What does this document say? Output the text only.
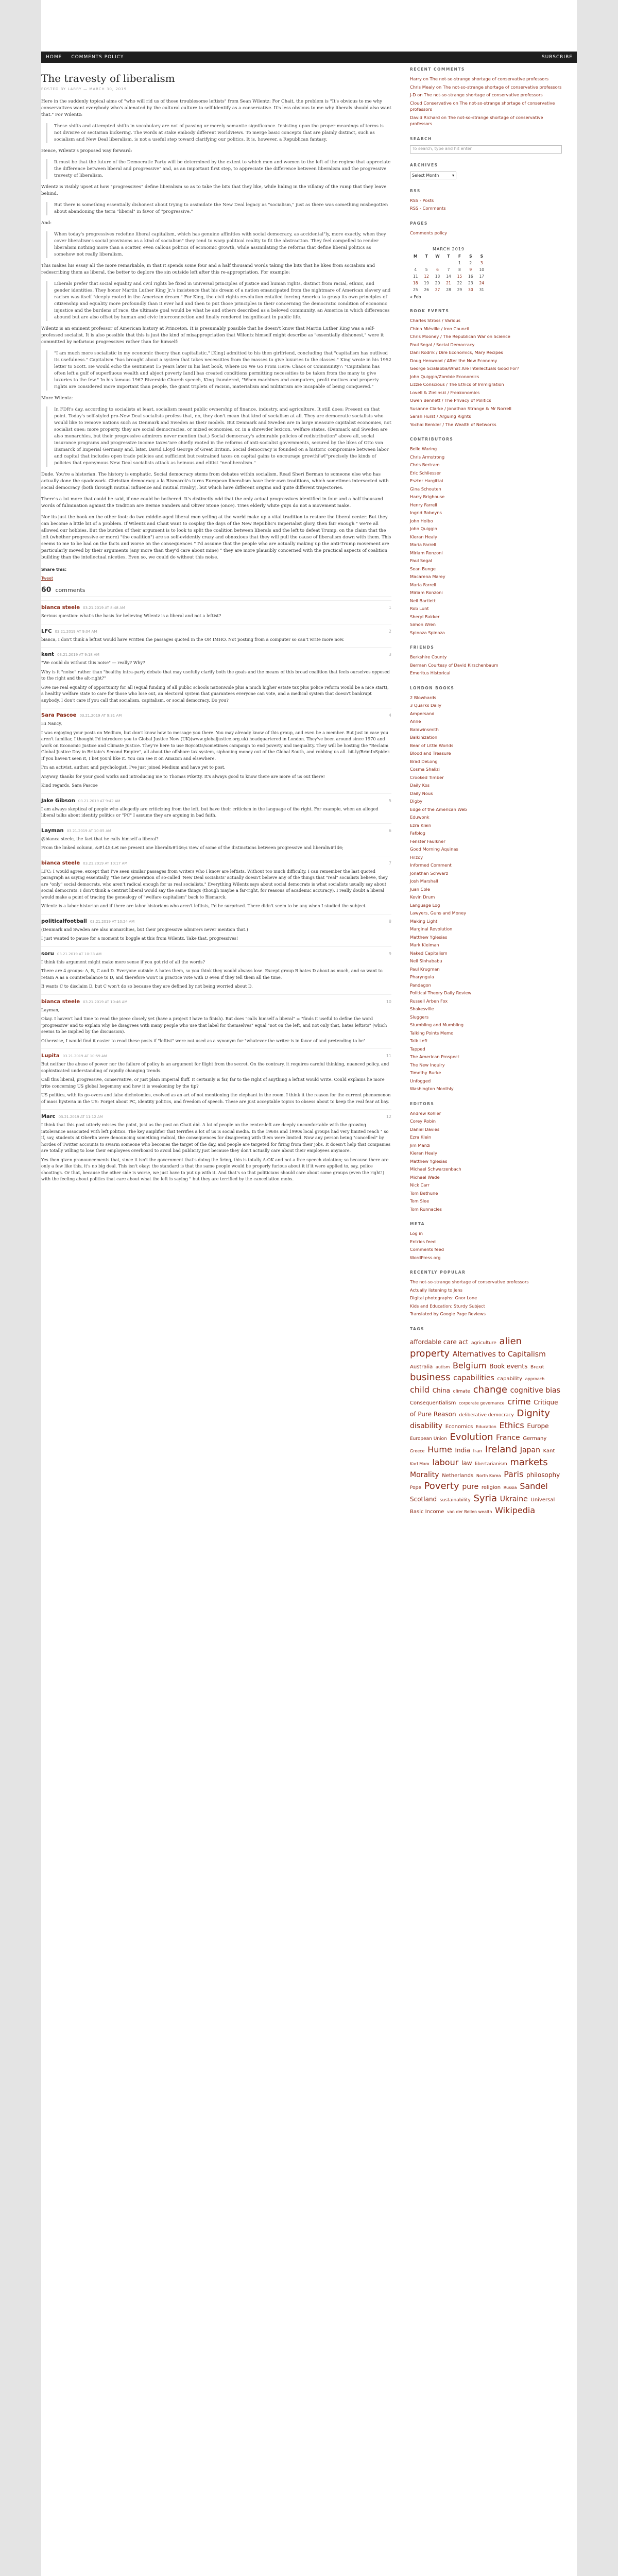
HOME	COMMENTS POLICY	SUBSCRIBE
The travesty of liberalism
POSTED BY LARRY — MARCH 30, 2019

Here in the suddenly topical aims of "who will rid us of those troublesome leftists" from Sean Wilentz: For Chait, the problem is "It's obvious to me why conservatives want everybody who's alienated by the cultural culture to self-identify as a conservative. It's less obvious to me why liberals should also want that." For Wilentz:

These shifts and attempted shifts in vocabulary are not of passing or merely semantic significance. Insisting upon the proper meanings of terms is not divisive or sectarian bickering. The words at stake embody different worldviews. To merge basic concepts that are plainly distinct, such as socialism and New Deal liberalism, is not a useful step toward clarifying our politics. It is, however, a Republican fantasy.

Hence, Wilentz's proposed way forward:

It must be that the future of the Democratic Party will be determined by the extent to which men and women to the left of the regime that appreciate the difference between liberal and progressive" and, as an important first step, to appreciate the difference between liberalism and the progressive travesty of liberalism.

Wilentz is visibly upset at how "progressives" define liberalism so as to take the bits that they like, while hiding in the villainy of the rump that they leave behind.

But there is something essentially dishonest about trying to assimilate the New Deal legacy as "socialism," just as there was something misbegotten about abandoning the term "liberal" in favor of "progressive."

And:

When today's progressives redefine liberal capitalism, which has genuine affinities with social democracy, as accidental"ly, more exactly, when they cover liberalism's social provisions as a kind of socialism" they tend to warp political reality to fit the abstraction. They feel compelled to render liberalism nothing more than a scatter, even callous politics of economic growth, while assimilating the reforms that define liberal politics as somehow not really liberalism.

This makes his essay all the more remarkable, in that it spends some four and a half thousand words taking the bits that he likes from socialism and redescribing them as liberal, the better to deplore the sin outside left after this re-appropriation. For example:

Liberals prefer that social equality and civil rights be fixed in universal principles of justice and human rights, distinct from racial, ethnic, and gender identities. They honor Martin Luther King Jr.'s insistence that his dream of a nation emancipated from the nightmare of American slavery and racism was itself "deeply rooted in the American dream." For King, the civil rights revolution entailed forcing America to grasp its own principles of citizenship and equality more profoundly than it ever had and then to put those principles in their concerning the democratic condition of economic injustice and the burdens of race, the ultimate goal would be what he and others described as a beloved community, an America in which differences abound but are also offset by human and civic interconnection and finally rendered insignificant in public life.

Wilentz is an eminent professor of American history at Princeton. It is presumably possible that he doesn't know that Martin Luther King was a self-professed socialist. It is also possible that this is just the kind of misappropriation that Wilentz himself might describe as "essentially dishonest," were it committed by nefarious progressives rather than for himself:

"I am much more socialistic in my economic theory than capitalistic," [King] admitted to his then girlfriend, concluding that "capitalism has outlived its usefulness." Capitalism "has brought about a system that takes necessities from the masses to give luxuries to the classes." King wrote in his 1952 letter to Scott. He would echo the sentiment 15 years later in his last book, Where Do We Go From Here: Chaos or Community?: "Capitalism has often left a gulf of superfluous wealth and abject poverty [and] has created conditions permitting necessities to be taken from the many to give luxuries to the few." In his famous 1967 Riverside Church speech, King thundered, "When machines and computers, profit motives and property rights are considered more important than people, the giant triplets of racism, materialism and militarism are incapable of being conquered."

More Wilentz:

In FDR's day, according to socialists at least, socialism meant public ownership of finance, industry, and agriculture. It still does: Present on that point. Today's self-styled pro-New Deal socialists profess that, no, they don't mean that kind of socialism at all. They are democratic socialists who would like to remove nations such as Denmark and Sweden as their models. But Denmark and Sweden are in large measure capitalist economies, not socialist ones; more property, they are social democracies, or mixed economies, or, in a shrewder lexicon, welfare states. (Denmark and Sweden are also monarchies, but their progressive admirers never mention that.) Social democracy's admirable policies of redistribution" above all, social insurance programs and progressive income taxes"are chiefly rooted in the reforms of anti-socialist governments, secured by the likes of Otto von Bismarck of Imperial Germany and, later, David Lloyd George of Great Britain. Social democracy is founded on a historic compromise between labor and capital that includes open trade policies and sufficient but restrained taxes on capital gains to encourage growthi'a€"precisely the kinds of policies that eponymous New Deal socialists attack as heinous and elitist "neoliberalism."

Dude. You're a historian. The history is emphatic. Social democracy stems from debates within socialism. Read Sheri Berman to someone else who has actually done the spadework. Christian democracy a la Bismarck's turns European liberalism have their own traditions, which sometimes intersected with social democracy (both through mutual influence and mutual rivalry), but which have different origins and quite different trajectories.

There's a lot more that could be said, if one could be bothered. It's distinctly odd that the only actual progressives identified in four and a half thousand words of fulmination against the tradition are Bernie Sanders and Oliver Stone (once). Tries elderly white guys do not a movement make.

Nor its just the book on the other foot: do two middle-aged liberal men yelling at the world make up a vital tradition to restore the liberal center. But they can become a little bit of a problem. If Wilentz and Chait want to cosplay the days of the New Republic's imperialist glory, then fair enough " we're all allowed our hobbies. But the burden of their argument is to look to split the coalition between liberals and the left to defeat Trump, on the claim that the left (whether progressive or more) "the coalition") are so self-evidently crazy and obnoxious that they will pull the cause of liberalism down with them. This seems to me to be bad on the facts and worse on the consequences " I'd assume that the people who are actually making up the anti-Trump movement are particularly moved by their arguments (any more than they'd care about mine) " they are more plausibly concerned with the practical aspects of coalition building than the intellectual niceties. Even so, we could do without this noise.

Share this:
Tweet
60 comments
bianca steele 03.21.2019 AT 8:48 AM	1

Serious question: what's the basis for believing Wilentz is a liberal and not a leftist?

LFC 03.21.2019 AT 9:04 AM	2

bianca, I don't think a leftist would have written the passages quoted in the OP. IMHO. Not posting from a computer so can't write more now.

kent 03.21.2019 AT 9:18 AM	3

"We could do without this noise" — really? Why?

Why is it "noise" rather than "healthy intra-party debate that may usefully clarify both the goals and the means of this broad coalition that feels ourselves opposed to the right and the alt-right?"

Give me real equality of opportunity for all (equal funding of all public schools nationwide plus a much higher estate tax plus police reform would be a nice start), a healthy welfare state to care for those who lose out, an electoral system that guarantees everyone can vote, and a medical system that doesn't bankrupt anybody. I don't care if you call that socialism, capitalism, or social democracy. Do you?

Sara Pascoe 03.21.2019 AT 9:31 AM	4

Hi Nancy,

I was enjoying your posts on Medium, but don't know how to message you there. You may already know of this group, and even be a member. But just in case you aren't familiar, I thought I'd introduce you to Global Justice Now (UK)(www.globaljustice.org.uk) headquartered in London. They've been around since 1970 and work on Economic Justice and Climate Justice. They're here to use Boycotts/sometimes campaign to end poverty and inequality. They will be hosting the "Reclaim Global Justice Day in Britain's Second Empire", all about the offshore tax system, siphoning money out of the Global South, and robbing us all. bit.ly/BrimInSpider. If you haven't seen it, I bet you'd like it. You can see it on Amazon and elsewhere.

I'm an activist, author, and psychologist. I've just joined Medium and have yet to post.

Anyway, thanks for your good works and introducing me to Thomas Piketty. It's always good to know there are more of us out there!

Kind regards, Sara Pascoe

Jake Gibson 03.21.2019 AT 9:42 AM	5

I am always skeptical of people who allegedly are criticizing from the left, but have their criticism in the language of the right. For example, when an alleged liberal talks about identity politics or "PC" I assume they are arguing in bad faith.

Layman 03.21.2019 AT 10:05 AM	6

@bianca steele, the fact that he calls himself a liberal?

From the linked column, &#145;Let me present one liberal&#146;s view of some of the distinctions between progressive and liberal&#146;

bianca steele 03.21.2019 AT 10:17 AM	7

LFC: I would agree, except that I've seen similar passages from writers who I know are leftists. Without too much difficulty, I can remember the last quoted paragraph as saying essentially, "the new generation of so-called 'New Deal socialists' actually doesn't believe any of the things that "real" socialists believe, they are "only" social democrats, who aren't radical enough for us real socialists." Everything Wilentz says about social democrats is what socialists usually say about social democrats. I don't think a centrist liberal would say the same things (though maybe a far-right, for reasons of academic accuracy). I really doubt a liberal would make a point of tracing the genealogy of "welfare capitalism" back to Bismarck.

Wilentz is a labor historian and if there are labor historians who aren't leftists, I'd be surprised. There didn't seem to be any when I studied the subject.

politicalfootball 03.21.2019 AT 10:24 AM	8

(Denmark and Sweden are also monarchies, but their progressive admirers never mention that.)

I just wanted to pause for a moment to boggle at this from Wilentz. Take that, progressives!

soru 03.21.2019 AT 10:33 AM	9

I think this argument might make more sense if you got rid of all the words?

There are 4 groups: A, B, C and D. Everyone outside A hates them, so you think they would always lose. Except group B hates D about as much, and so want to retain A as a counterbalance to D, and therefore won't in practice vote with D even if they tell them all the time.

B wants C to disclaim D, but C won't do so because they are defined by not being worried about D.

bianca steele 03.21.2019 AT 10:46 AM	10

Layman,

Okay. I haven't had time to read the piece closely yet (have a project I have to finish). But does "calls himself a liberal" = "finds it useful to define the word 'progressive' and to explain why he disagrees with many people who use that label for themselves" equal "not on the left, and not only that, hates leftists" (which seems to be implied by the discussion).

Otherwise, I would find it easier to read these posts if "leftist" were not used as a synonym for "whatever the writer is in favor of and pretending to be"

Lupita 03.21.2019 AT 10:59 AM	11

But neither the abuse of power nor the failure of policy is an argument for flight from the secret. On the contrary, it requires careful thinking, nuanced policy, and sophisticated understanding of rapidly changing trends.

Call this liberal, progressive, conservative, or just plain Imperial fluff. It certainly is far, far to the right of anything a leftist would write. Could explains he more trite concerning US global hegemony and how it is weakening by the tip?

US politics, with its go-overs and false dichotomies, evolved as an art of not mentioning the elephant in the room. I think it the reason for the current phenomenon of mass hysteria in the US: Forget about PC, identity politics, and freedom of speech. These are just acceptable topics to obsess about to keep the real fear at bay.

Marc 03.21.2019 AT 11:12 AM	12

I think that this post utterly misses the point, just as the post on Chait did. A lot of people on the center-left are deeply uncomfortable with the growing intolerance associated with left politics. The key amplifier that terrifies a lot of us is social media. In the 1960s and 1990s local groups had very limited reach " so if, say, students at Oberlin were denouncing something radical, the consequences for disagreeing with them were limited. Now any person being "cancelled" by hordes of Twitter accounts to swarm someone who becomes the target of the day, and people are targeted for firing from their jobs. It doesn't help that companies are totally willing to lose their employees overboard to avoid bad publicity just because they don't actually care about their employees anymore.

Yes then given pronouncements that, since it isn't the government that's doing the firing, this is totally A-OK and not a free speech violation; so because there are only a few like this, it's no big deal. This isn't okay: the standard is that the same people would be properly furious about it if it were applied to, say, police shootings. Or that, because the other side is worse, we just have to put up with it. And that's so that politicians should care about some groups (even the right!) with the feeling about politics that care about what the left is saying " but they are terrified by the cancellation mobs.

RECENT COMMENTS
Harry on The not-so-strange shortage of conservative professors
Chris Mealy on The not-so-strange shortage of conservative professors
J-D on The not-so-strange shortage of conservative professors
Cloud Conservative on The not-so-strange shortage of conservative professors
David Richard on The not-so-strange shortage of conservative professors
SEARCH
To search, type and hit enter
ARCHIVES
Select Month	▾
RSS
RSS - Posts
RSS - Comments
PAGES
Comments policy
MARCH 2019
M	T	W	T	F	S	S
				1	2	3
4	5	6	7	8	9	10
11	12	13	14	15	16	17
18	19	20	21	22	23	24
25	26	27	28	29	30	31
« Feb
BOOK EVENTS
Charles Stross / Various
China Miéville / Iron Council
Chris Mooney / The Republican War on Science
Paul Segal / Social Democracy
Dani Rodrik / Dire Economics, Mary Recipes
Doug Henwood / After the New Economy
George Scialabba/What Are Intellectuals Good For?
John Quiggin/Zombie Economics
Lizzie Conscious / The Ethics of Immigration
Lovell & Zielinski / Freakonomics
Owen Bennett / The Privacy of Politics
Susanne Clarke / Jonathan Strange & Mr Norrell
Sarah Hurst / Arguing Rights
Yochai Benkler / The Wealth of Networks
CONTRIBUTORS
Belle Waring
Chris Armstrong
Chris Bertram
Eric Schliesser
Eszter Hargittai
Gina Schouten
Harry Brighouse
Henry Farrell
Ingrid Robeyns
John Holbo
John Quiggin
Kieran Healy
Maria Farrell
Miriam Ronzoni
Paul Segal
Sean Bunge
Macarena Marey
Maria Farrell
Miriam Ronzoni
Neil Bartlett
Rob Lunt
Sheryl Bakker
Simon Wren
Spinoza Spinoza
FRIENDS
Berkshire County
Berman Courtesy of David Kirschenbaum
Emeritus Historical
LONDON BOOKS
2 Blowhards
3 Quarks Daily
Ampersand
Anne
Baldwinsmith
Balkinization
Bear of Little Worlds
Blood and Treasure
Brad DeLong
Cosma Shalizi
Crooked Timber
Daily Kos
Daily Nous
Digby
Edge of the American Web
Eduwonk
Ezra Klein
Fafblog
Fenster Faulkner
Good Morning Aquinas
Hilzoy
Informed Comment
Jonathan Schwarz
Josh Marshall
Juan Cole
Kevin Drum
Language Log
Lawyers, Guns and Money
Making Light
Marginal Revolution
Matthew Yglesias
Mark Kleiman
Naked Capitalism
Neil Sinhababu
Paul Krugman
Pharyngula
Pandagon
Political Theory Daily Review
Russell Arben Fox
Shakesville
Sluggers
Stumbling and Mumbling
Talking Points Memo
Talk Left
Tapped
The American Prospect
The New Inquiry
Timothy Burke
Unfogged
Washington Monthly
EDITORS
Andrew Kohler
Corey Robin
Daniel Davies
Ezra Klein
Jim Manzi
Kieran Healy
Matthew Yglesias
Michael Schwarzenbach
Michael Wade
Nick Carr
Tom Bethune
Tom Slee
Tom Runnacles
META
Log in
Entries feed
Comments feed
WordPress.org
RECENTLY POPULAR
The not-so-strange shortage of conservative professors
Actually listening to Jens
Digital photographs: Gnor Lone
Kids and Education: Sturdy Subject
Translated by Google Page Reviews
TAGS
affordable care act agriculture alien property Alternatives to Capitalism Australia autism Belgium Book events Brexit business capabilities capability approach child China climate change cognitive bias Consequentialism corporate governance crime Critique of Pure Reason deliberative democracy Dignity disability Economics Education Ethics Europe European Union Evolution France Germany Greece Hume India Iran Ireland Japan Kant Karl Marx labour law libertarianism markets Morality Netherlands North Korea Paris philosophy Pope Poverty pure religion Russia Sandel Scotland sustainability Syria Ukraine Universal Basic Income van der Bellen wealth Wikipedia
